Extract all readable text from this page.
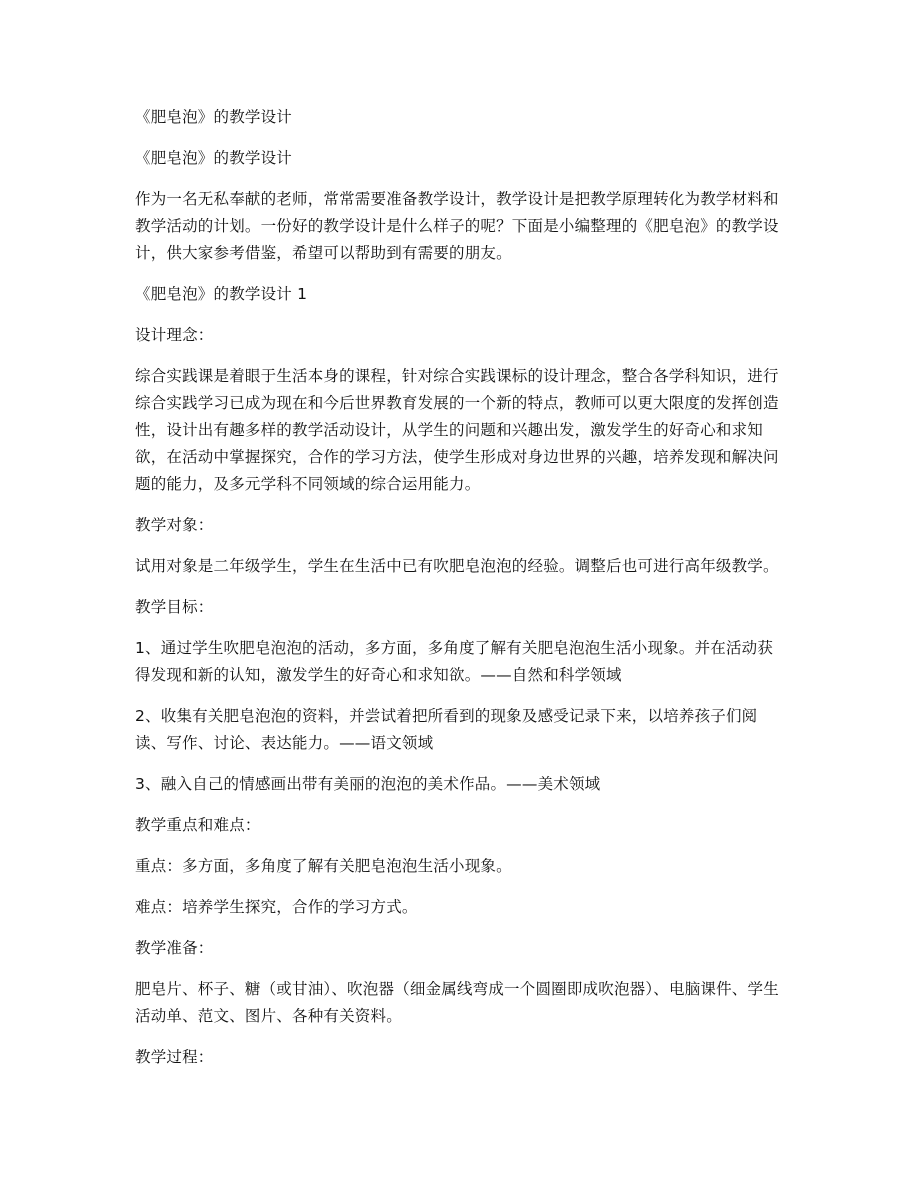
《肥皂泡》的教学设计

《肥皂泡》的教学设计

作为一名无私奉献的老师，常常需要准备教学设计，教学设计是把教学原理转化为教学材料和教学活动的计划。一份好的教学设计是什么样子的呢？下面是小编整理的《肥皂泡》的教学设计，供大家参考借鉴，希望可以帮助到有需要的朋友。

《肥皂泡》的教学设计 1

设计理念：

综合实践课是着眼于生活本身的课程，针对综合实践课标的设计理念，整合各学科知识，进行综合实践学习已成为现在和今后世界教育发展的一个新的特点，教师可以更大限度的发挥创造性，设计出有趣多样的教学活动设计，从学生的问题和兴趣出发，激发学生的好奇心和求知欲，在活动中掌握探究，合作的学习方法，使学生形成对身边世界的兴趣，培养发现和解决问题的能力，及多元学科不同领域的综合运用能力。

教学对象：

试用对象是二年级学生，学生在生活中已有吹肥皂泡泡的经验。调整后也可进行高年级教学。

教学目标：

1、通过学生吹肥皂泡泡的活动，多方面，多角度了解有关肥皂泡泡生活小现象。并在活动获得发现和新的认知，激发学生的好奇心和求知欲。——自然和科学领域

2、收集有关肥皂泡泡的资料，并尝试着把所看到的现象及感受记录下来，以培养孩子们阅读、写作、讨论、表达能力。——语文领域

3、融入自己的情感画出带有美丽的泡泡的美术作品。——美术领域

教学重点和难点：

重点：多方面，多角度了解有关肥皂泡泡生活小现象。

难点：培养学生探究，合作的学习方式。

教学准备：

肥皂片、杯子、糖（或甘油）、吹泡器（细金属线弯成一个圆圈即成吹泡器）、电脑课件、学生活动单、范文、图片、各种有关资料。

教学过程：
